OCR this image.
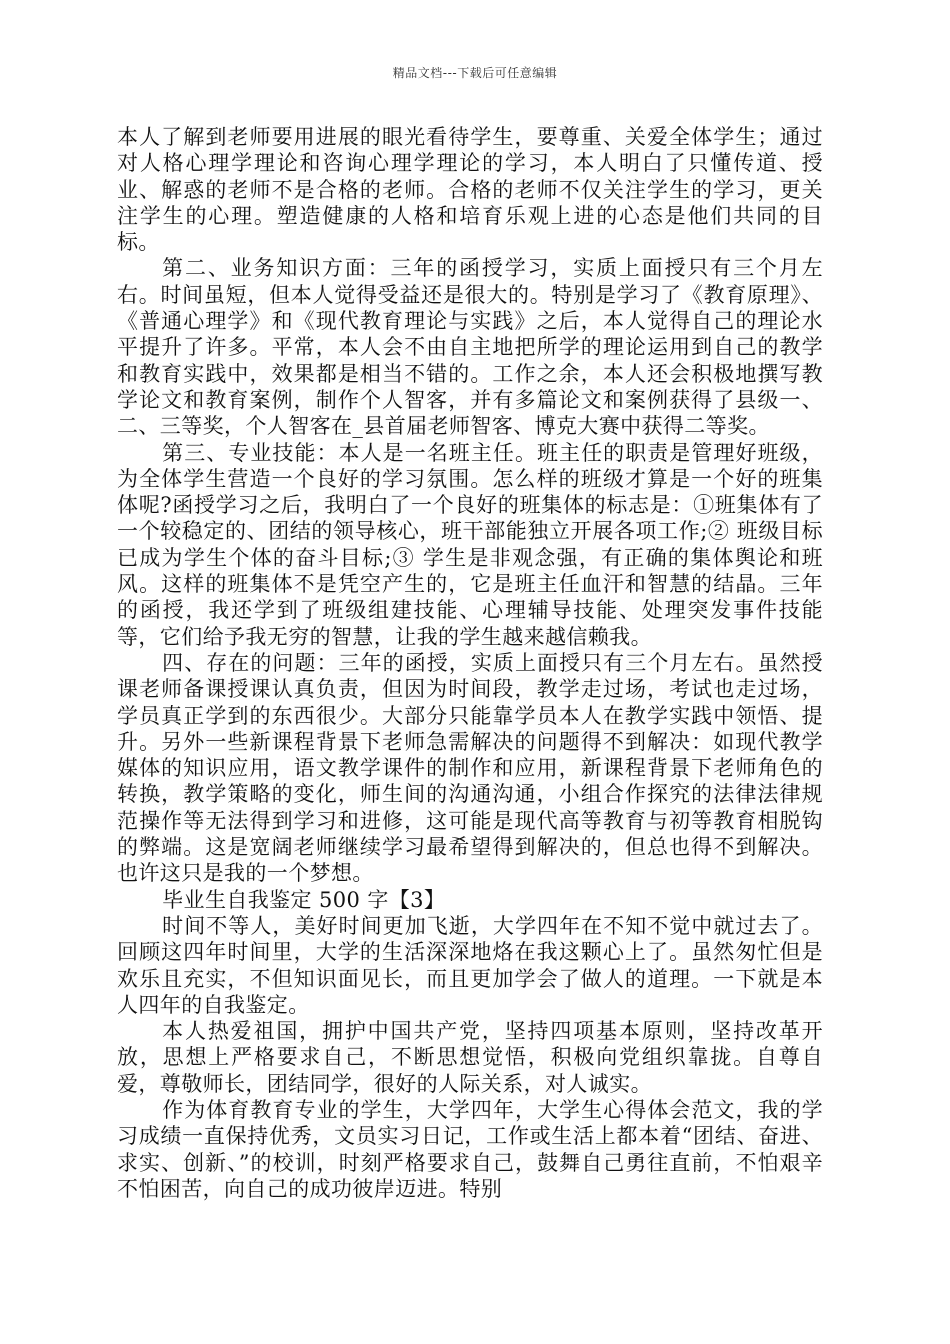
精品文档---下载后可任意编辑

本人了解到老师要用进展的眼光看待学生，要尊重、关爱全体学生；通过对人格心理学理论和咨询心理学理论的学习，本人明白了只懂传道、授业、解惑的老师不是合格的老师。合格的老师不仅关注学生的学习，更关注学生的心理。塑造健康的人格和培育乐观上进的心态是他们共同的目标。

第二、业务知识方面：三年的函授学习，实质上面授只有三个月左右。时间虽短，但本人觉得受益还是很大的。特别是学习了《教育原理》、《普通心理学》和《现代教育理论与实践》之后，本人觉得自己的理论水平提升了许多。平常，本人会不由自主地把所学的理论运用到自己的教学和教育实践中，效果都是相当不错的。工作之余，本人还会积极地撰写教学论文和教育案例，制作个人智客，并有多篇论文和案例获得了县级一、二、三等奖，个人智客在_县首届老师智客、博克大赛中获得二等奖。

第三、专业技能：本人是一名班主任。班主任的职责是管理好班级，为全体学生营造一个良好的学习氛围。怎么样的班级才算是一个好的班集体呢?函授学习之后，我明白了一个良好的班集体的标志是：①班集体有了一个较稳定的、团结的领导核心，班干部能独立开展各项工作;② 班级目标已成为学生个体的奋斗目标;③ 学生是非观念强，有正确的集体舆论和班风。这样的班集体不是凭空产生的，它是班主任血汗和智慧的结晶。三年的函授，我还学到了班级组建技能、心理辅导技能、处理突发事件技能等，它们给予我无穷的智慧，让我的学生越来越信赖我。

四、存在的问题：三年的函授，实质上面授只有三个月左右。虽然授课老师备课授课认真负责，但因为时间段，教学走过场，考试也走过场，学员真正学到的东西很少。大部分只能靠学员本人在教学实践中领悟、提升。另外一些新课程背景下老师急需解决的问题得不到解决：如现代教学媒体的知识应用，语文教学课件的制作和应用，新课程背景下老师角色的转换，教学策略的变化，师生间的沟通沟通，小组合作探究的法律法律规范操作等无法得到学习和进修，这可能是现代高等教育与初等教育相脱钩的弊端。这是宽阔老师继续学习最希望得到解决的，但总也得不到解决。也许这只是我的一个梦想。

毕业生自我鉴定 500 字【3】

时间不等人，美好时间更加飞逝，大学四年在不知不觉中就过去了。回顾这四年时间里，大学的生活深深地烙在我这颗心上了。虽然匆忙但是欢乐且充实，不但知识面见长，而且更加学会了做人的道理。一下就是本人四年的自我鉴定。

本人热爱祖国，拥护中国共产党，坚持四项基本原则，坚持改革开放，思想上严格要求自己，不断思想觉悟，积极向党组织靠拢。自尊自爱，尊敬师长，团结同学，很好的人际关系，对人诚实。

作为体育教育专业的学生，大学四年，大学生心得体会范文，我的学习成绩一直保持优秀，文员实习日记，工作或生活上都本着“团结、奋进、求实、创新、”的校训，时刻严格要求自己，鼓舞自己勇往直前，不怕艰辛不怕困苦，向自己的成功彼岸迈进。特别
